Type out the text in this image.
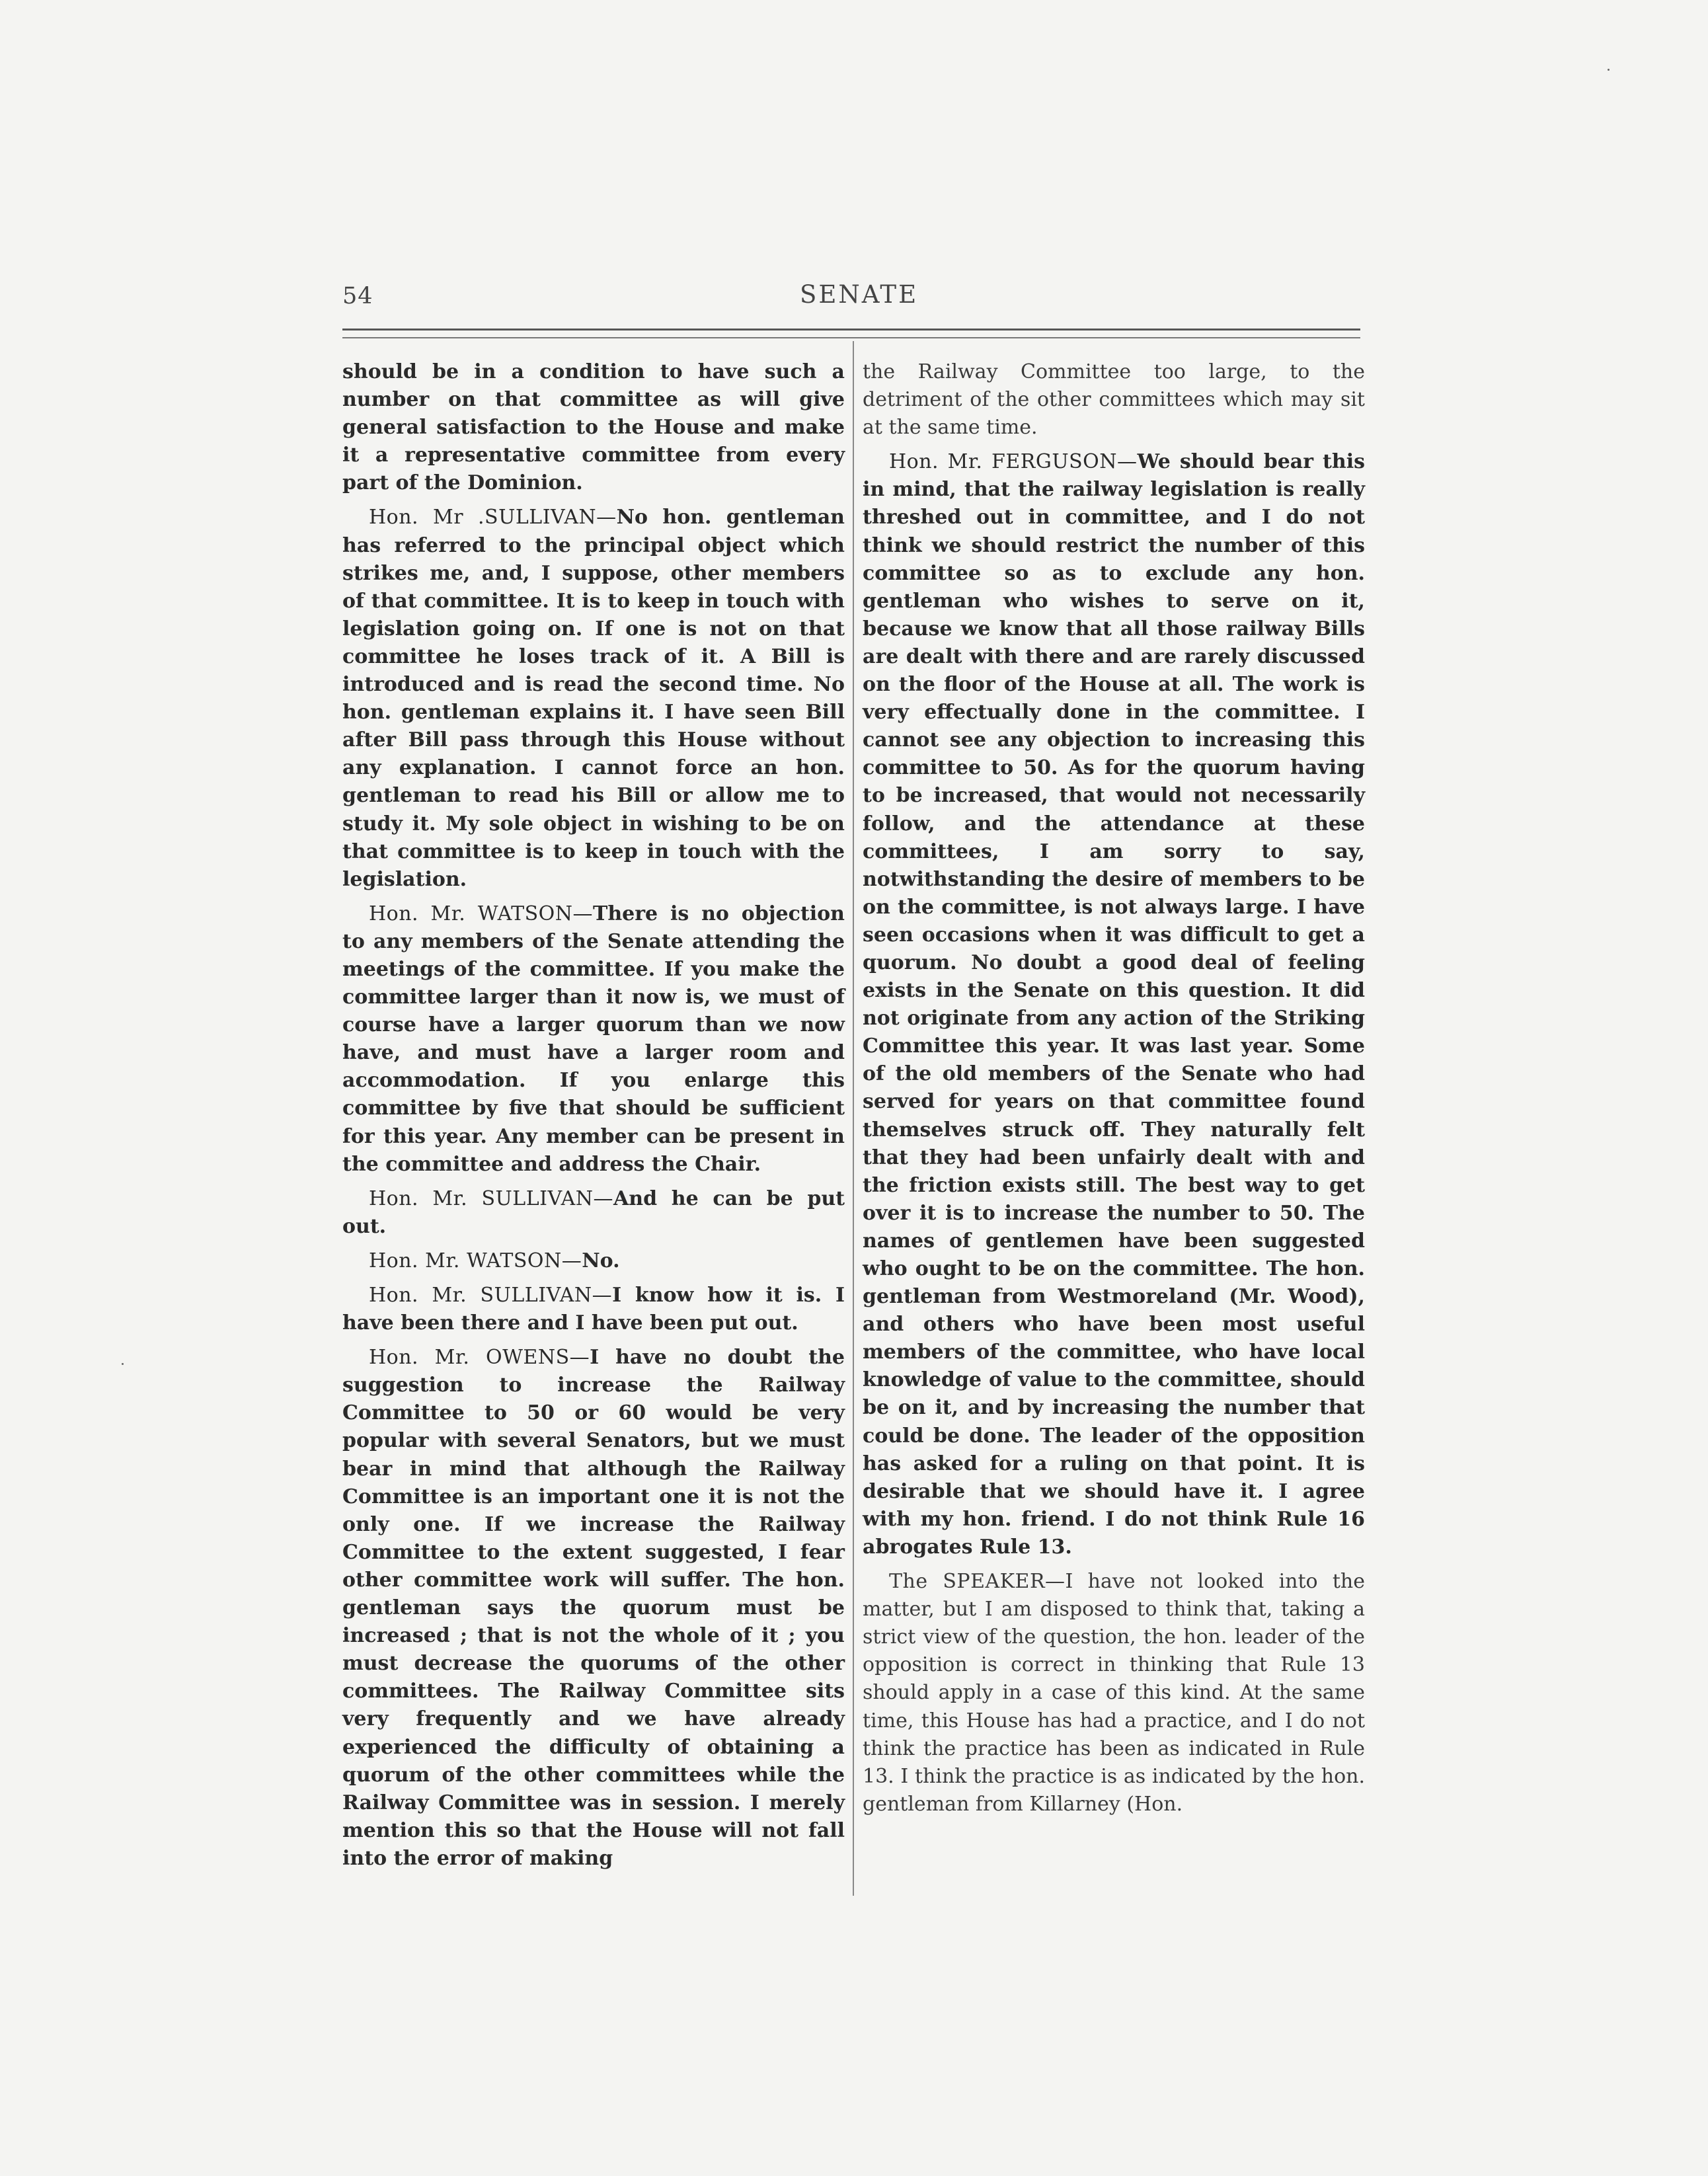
54	SENATE

should be in a condition to have such a number on that committee as will give general satisfaction to the House and make it a representative committee from every part of the Dominion.

Hon. Mr .SULLIVAN—No hon. gentleman has referred to the principal object which strikes me, and, I suppose, other members of that committee. It is to keep in touch with legislation going on. If one is not on that committee he loses track of it. A Bill is introduced and is read the second time. No hon. gentleman explains it. I have seen Bill after Bill pass through this House without any explanation. I cannot force an hon. gentleman to read his Bill or allow me to study it. My sole object in wishing to be on that committee is to keep in touch with the legislation.

Hon. Mr. WATSON—There is no objection to any members of the Senate attending the meetings of the committee. If you make the committee larger than it now is, we must of course have a larger quorum than we now have, and must have a larger room and accommodation. If you enlarge this committee by five that should be sufficient for this year. Any member can be present in the committee and address the Chair.

Hon. Mr. SULLIVAN—And he can be put out.

Hon. Mr. WATSON—No.

Hon. Mr. SULLIVAN—I know how it is. I have been there and I have been put out.

Hon. Mr. OWENS—I have no doubt the suggestion to increase the Railway Committee to 50 or 60 would be very popular with several Senators, but we must bear in mind that although the Railway Committee is an important one it is not the only one. If we increase the Railway Committee to the extent suggested, I fear other committee work will suffer. The hon. gentleman says the quorum must be increased ; that is not the whole of it ; you must decrease the quorums of the other committees. The Railway Committee sits very frequently and we have already experienced the difficulty of obtaining a quorum of the other committees while the Railway Committee was in session. I merely mention this so that the House will not fall into the error of making

the Railway Committee too large, to the detriment of the other committees which may sit at the same time.

Hon. Mr. FERGUSON—We should bear this in mind, that the railway legislation is really threshed out in committee, and I do not think we should restrict the number of this committee so as to exclude any hon. gentleman who wishes to serve on it, because we know that all those railway Bills are dealt with there and are rarely discussed on the floor of the House at all. The work is very effectually done in the committee. I cannot see any objection to increasing this committee to 50. As for the quorum having to be increased, that would not necessarily follow, and the attendance at these committees, I am sorry to say, notwithstanding the desire of members to be on the committee, is not always large. I have seen occasions when it was difficult to get a quorum. No doubt a good deal of feeling exists in the Senate on this question. It did not originate from any action of the Striking Committee this year. It was last year. Some of the old members of the Senate who had served for years on that committee found themselves struck off. They naturally felt that they had been unfairly dealt with and the friction exists still. The best way to get over it is to increase the number to 50. The names of gentlemen have been suggested who ought to be on the committee. The hon. gentleman from Westmoreland (Mr. Wood), and others who have been most useful members of the committee, who have local knowledge of value to the committee, should be on it, and by increasing the number that could be done. The leader of the opposition has asked for a ruling on that point. It is desirable that we should have it. I agree with my hon. friend. I do not think Rule 16 abrogates Rule 13.

The SPEAKER—I have not looked into the matter, but I am disposed to think that, taking a strict view of the question, the hon. leader of the opposition is correct in thinking that Rule 13 should apply in a case of this kind. At the same time, this House has had a practice, and I do not think the practice has been as indicated in Rule 13. I think the practice is as indicated by the hon. gentleman from Killarney (Hon.
